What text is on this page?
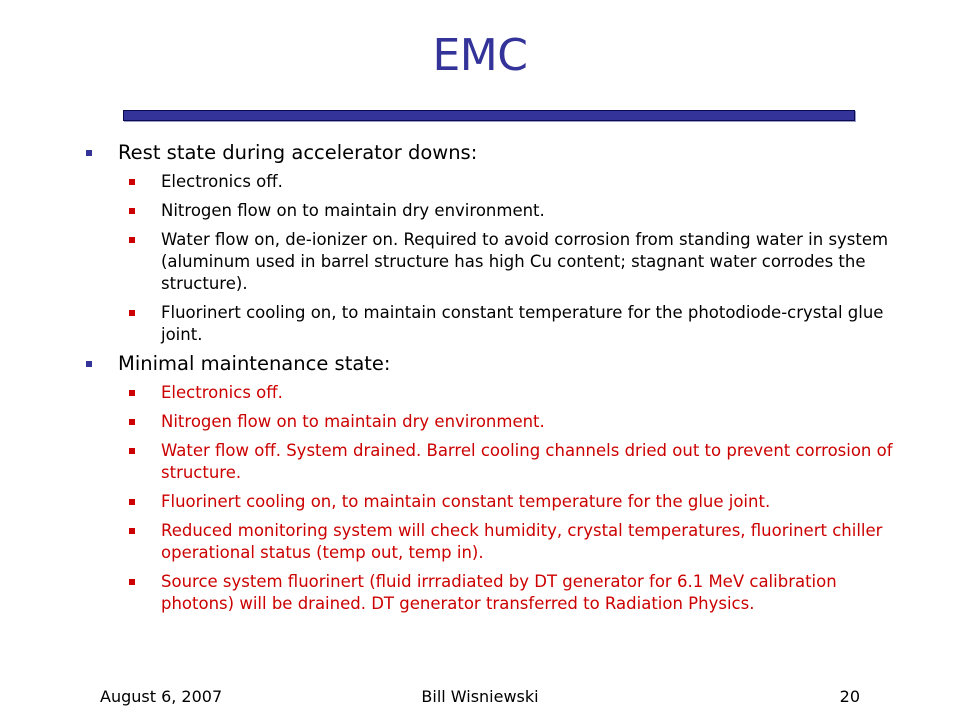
EMC
Rest state during accelerator downs:
Electronics off.
Nitrogen flow on to maintain dry environment.
Water flow on, de-ionizer on. Required to avoid corrosion from standing water in system (aluminum used in barrel structure has high Cu content; stagnant water corrodes the structure).
Fluorinert cooling on, to maintain constant temperature for the photodiode-crystal glue joint.
Minimal maintenance state:
Electronics off.
Nitrogen flow on to maintain dry environment.
Water flow off. System drained. Barrel cooling channels dried out to prevent corrosion of structure.
Fluorinert cooling on, to maintain constant temperature for the glue joint.
Reduced monitoring system will check humidity, crystal temperatures, fluorinert chiller operational status (temp out, temp in).
Source system fluorinert (fluid irrradiated by DT generator for 6.1 MeV calibration photons) will be drained. DT generator transferred to Radiation Physics.
August 6, 2007	Bill Wisniewski	20
